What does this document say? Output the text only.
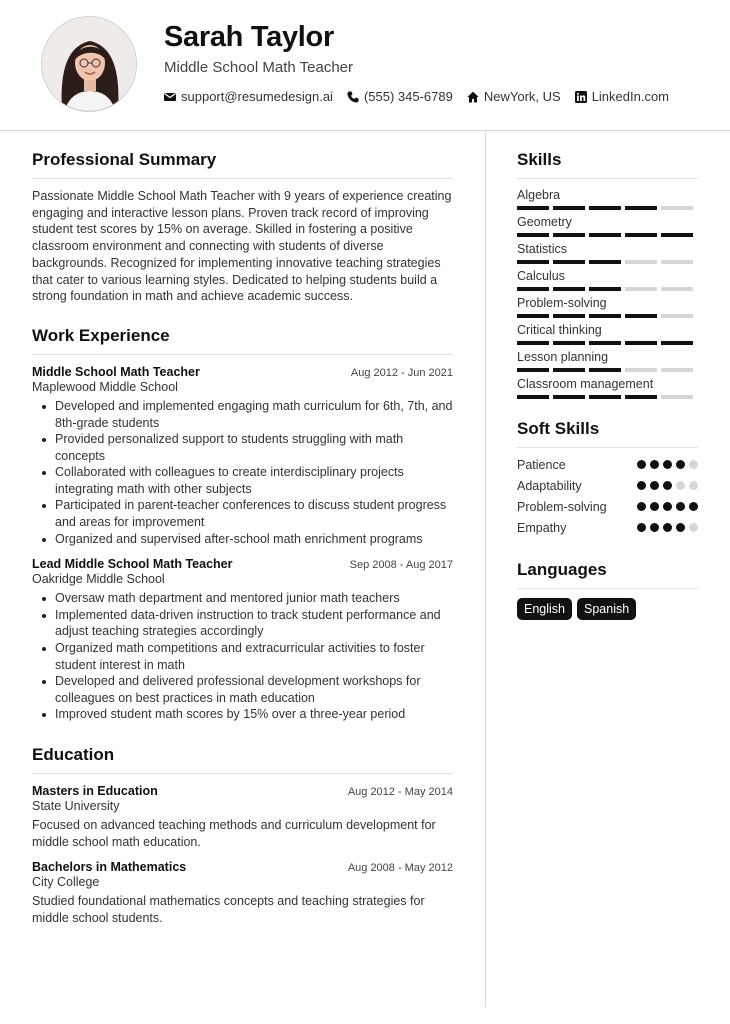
Sarah Taylor
Middle School Math Teacher
support@resumedesign.ai (555) 345-6789 NewYork, US LinkedIn.com
Professional Summary

Passionate Middle School Math Teacher with 9 years of experience creating engaging and interactive lesson plans. Proven track record of improving student test scores by 15% on average. Skilled in fostering a positive classroom environment and connecting with students of diverse backgrounds. Recognized for implementing innovative teaching strategies that cater to various learning styles. Dedicated to helping students build a strong foundation in math and achieve academic success.

Work Experience
Middle School Math Teacher	Aug 2012 - Jun 2021
Maplewood Middle School
Developed and implemented engaging math curriculum for 6th, 7th, and 8th-grade students
Provided personalized support to students struggling with math concepts
Collaborated with colleagues to create interdisciplinary projects integrating math with other subjects
Participated in parent-teacher conferences to discuss student progress and areas for improvement
Organized and supervised after-school math enrichment programs
Lead Middle School Math Teacher	Sep 2008 - Aug 2017
Oakridge Middle School
Oversaw math department and mentored junior math teachers
Implemented data-driven instruction to track student performance and adjust teaching strategies accordingly
Organized math competitions and extracurricular activities to foster student interest in math
Developed and delivered professional development workshops for colleagues on best practices in math education
Improved student math scores by 15% over a three-year period
Education
Masters in Education	Aug 2012 - May 2014
State University
Focused on advanced teaching methods and curriculum development for middle school math education.
Bachelors in Mathematics	Aug 2008 - May 2012
City College
Studied foundational mathematics concepts and teaching strategies for middle school students.
Skills
Algebra
Geometry
Statistics
Calculus
Problem-solving
Critical thinking
Lesson planning
Classroom management
Soft Skills
Patience
Adaptability
Problem-solving
Empathy
Languages
English	Spanish
